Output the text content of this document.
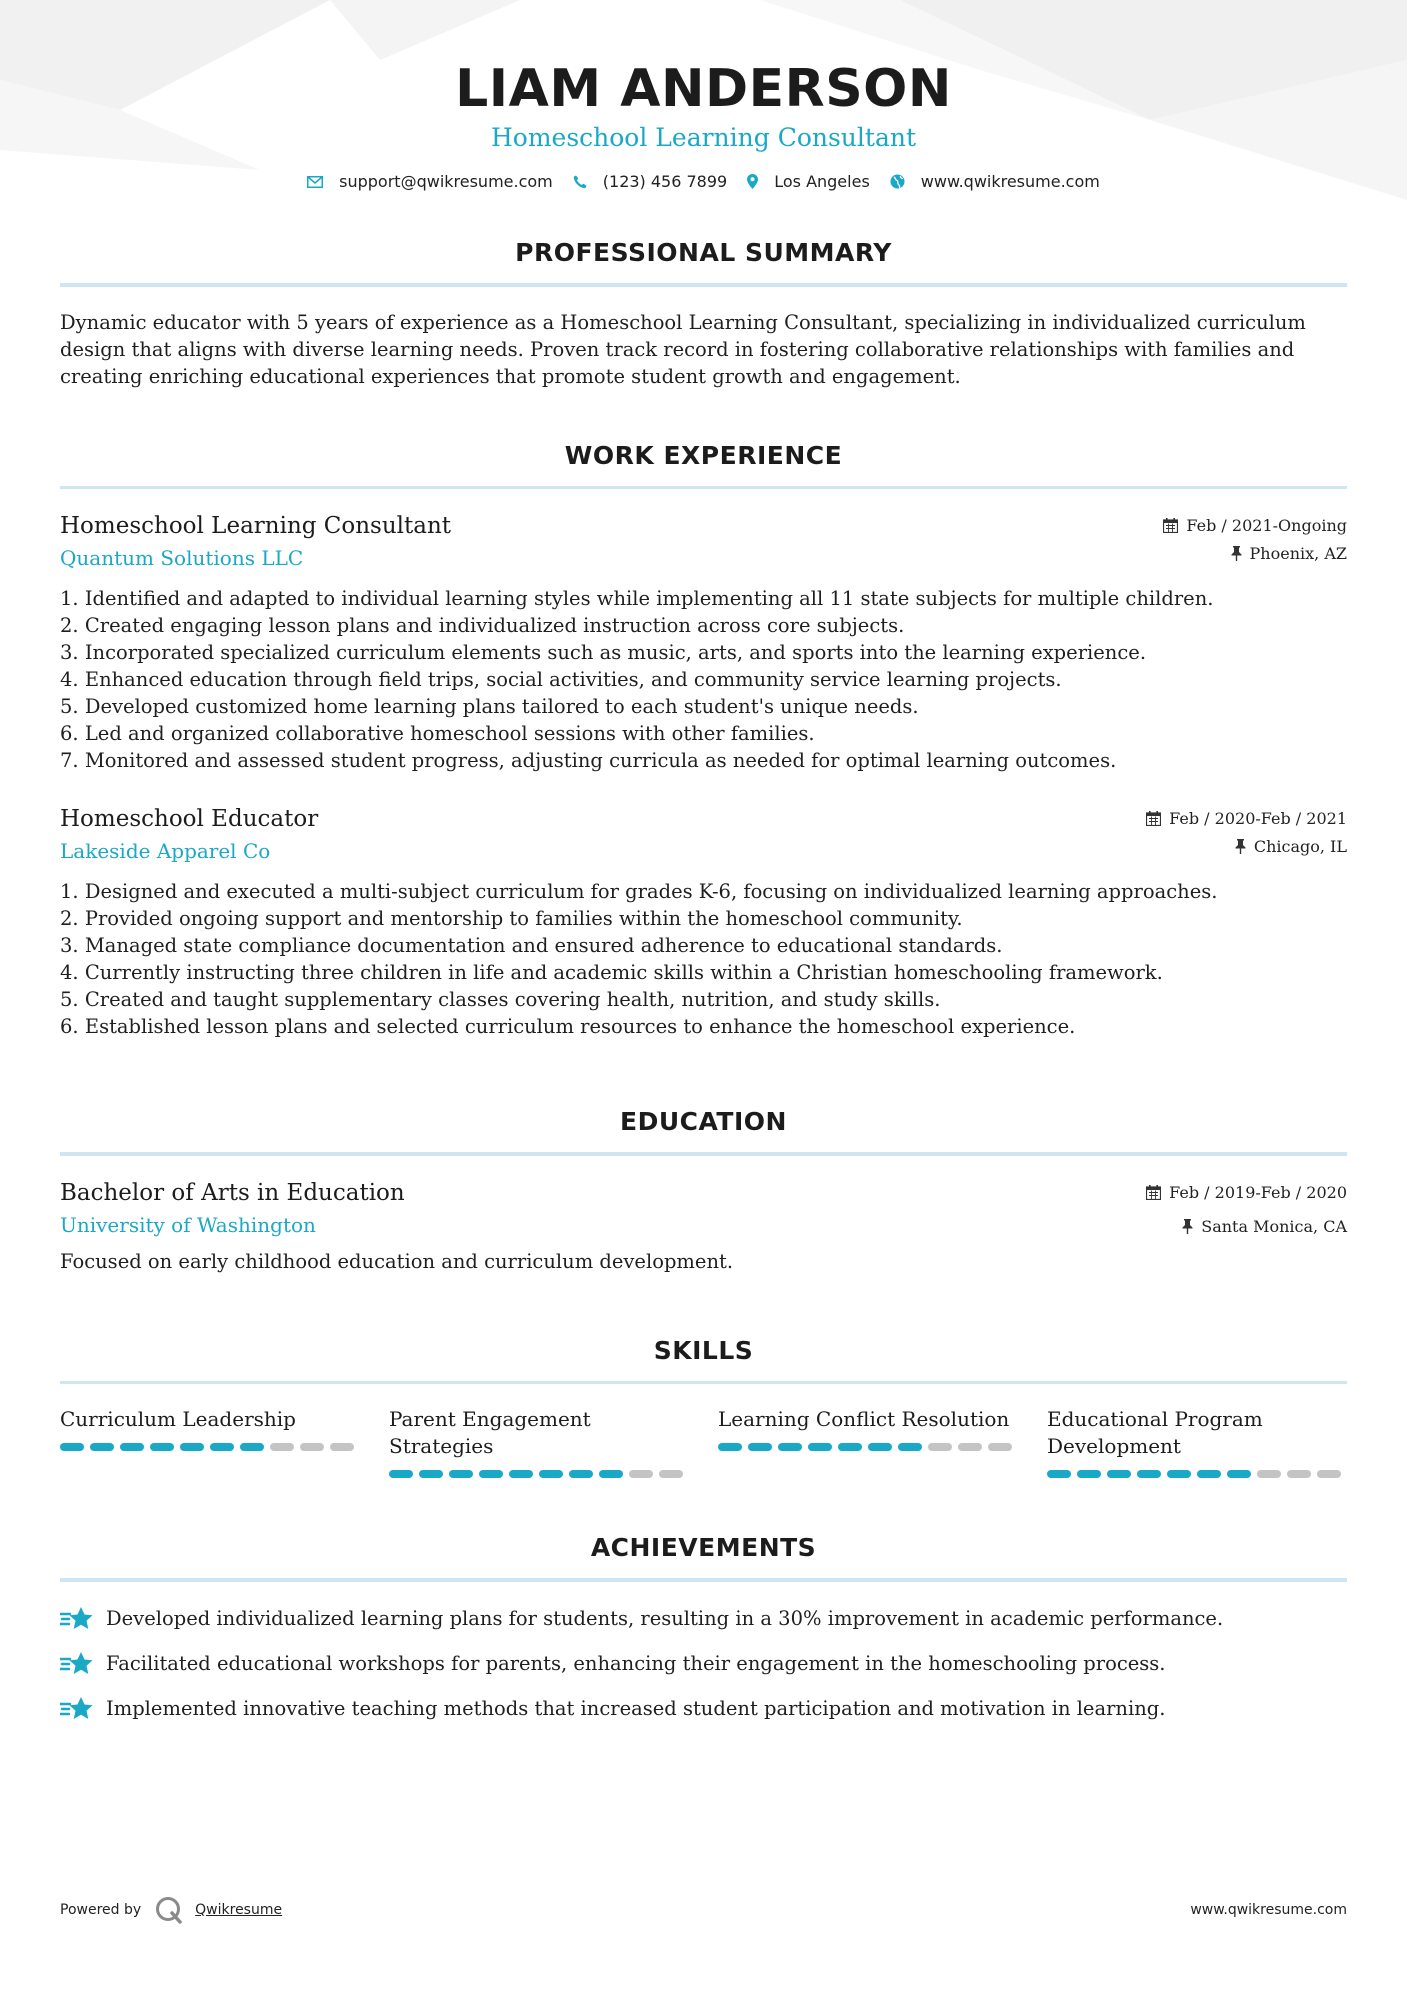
LIAM ANDERSON
Homeschool Learning Consultant
support@qwikresume.com	(123) 456 7899	Los Angeles	www.qwikresume.com
PROFESSIONAL SUMMARY

Dynamic educator with 5 years of experience as a Homeschool Learning Consultant, specializing in individualized curriculum design that aligns with diverse learning needs. Proven track record in fostering collaborative relationships with families and creating enriching educational experiences that promote student growth and engagement.

WORK EXPERIENCE
Homeschool Learning Consultant
Quantum Solutions LLC
Feb / 2021-Ongoing
Phoenix, AZ
Identified and adapted to individual learning styles while implementing all 11 state subjects for multiple children.
Created engaging lesson plans and individualized instruction across core subjects.
Incorporated specialized curriculum elements such as music, arts, and sports into the learning experience.
Enhanced education through field trips, social activities, and community service learning projects.
Developed customized home learning plans tailored to each student's unique needs.
Led and organized collaborative homeschool sessions with other families.
Monitored and assessed student progress, adjusting curricula as needed for optimal learning outcomes.
Homeschool Educator
Lakeside Apparel Co
Feb / 2020-Feb / 2021
Chicago, IL
Designed and executed a multi-subject curriculum for grades K-6, focusing on individualized learning approaches.
Provided ongoing support and mentorship to families within the homeschool community.
Managed state compliance documentation and ensured adherence to educational standards.
Currently instructing three children in life and academic skills within a Christian homeschooling framework.
Created and taught supplementary classes covering health, nutrition, and study skills.
Established lesson plans and selected curriculum resources to enhance the homeschool experience.
EDUCATION
Bachelor of Arts in Education
University of Washington
Feb / 2019-Feb / 2020
Santa Monica, CA

Focused on early childhood education and curriculum development.

SKILLS
Curriculum Leadership	Parent Engagement Strategies
Learning Conflict Resolution	Educational Program Development
ACHIEVEMENTS
Developed individualized learning plans for students, resulting in a 30% improvement in academic performance.
Facilitated educational workshops for parents, enhancing their engagement in the homeschooling process.
Implemented innovative teaching methods that increased student participation and motivation in learning.
Powered by	Qwikresume	www.qwikresume.com
